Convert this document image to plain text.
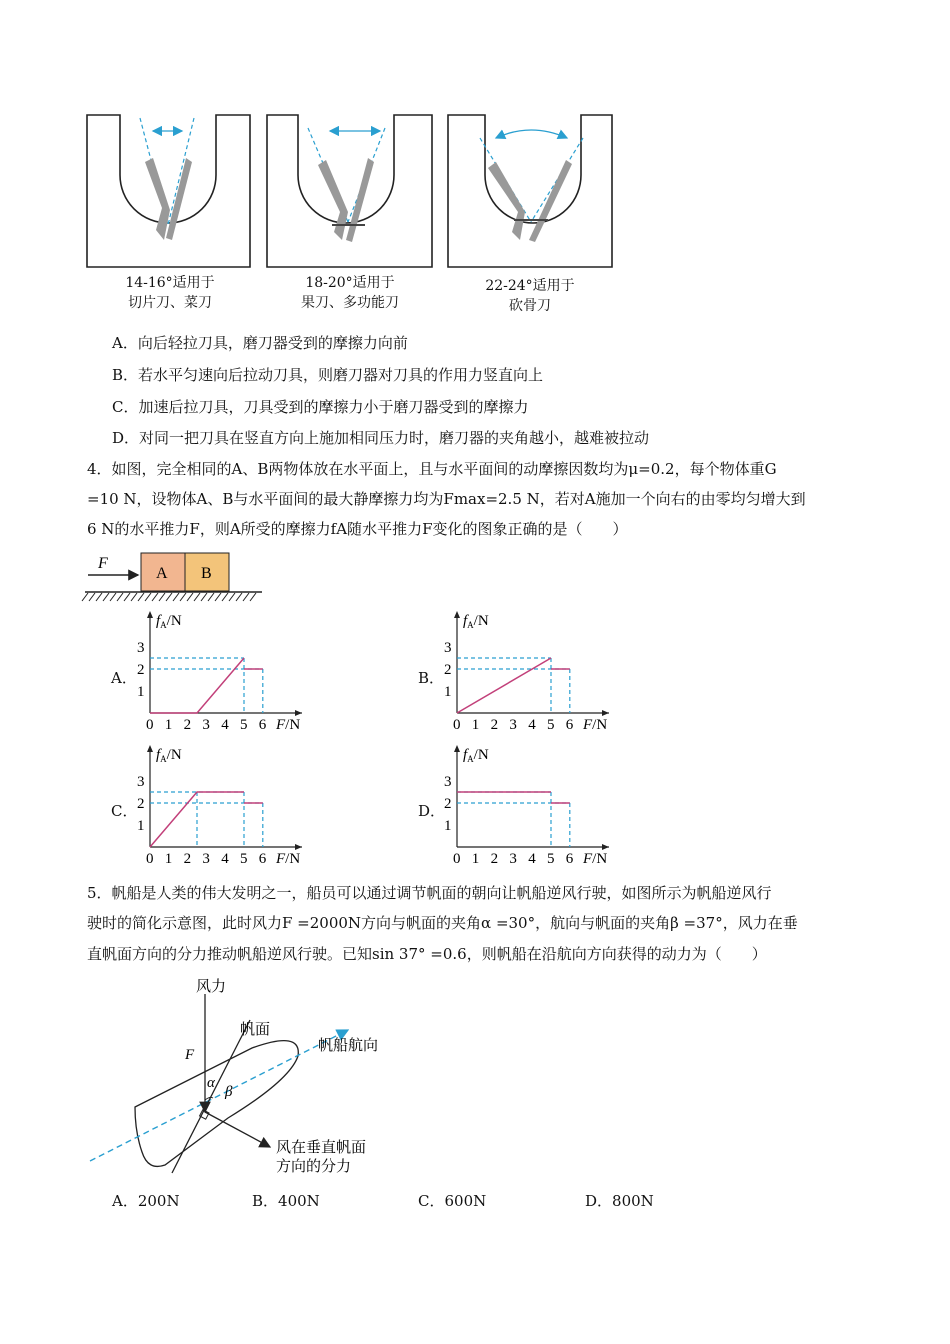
14-16°适用于
切片刀、菜刀
18-20°适用于
果刀、多功能刀
22-24°适用于
砍骨刀
A．向后轻拉刀具，磨刀器受到的摩擦力向前
B．若水平匀速向后拉动刀具，则磨刀器对刀具的作用力竖直向上
C．加速后拉刀具，刀具受到的摩擦力小于磨刀器受到的摩擦力
D．对同一把刀具在竖直方向上施加相同压力时，磨刀器的夹角越小，越难被拉动
4．如图，完全相同的A、B两物体放在水平面上，且与水平面间的动摩擦因数均为μ=0.2，每个物体重G
=10 N，设物体A、B与水平面间的最大静摩擦力均为Fmax=2.5 N，若对A施加一个向右的由零均匀增大到
6 N的水平推力F，则A所受的摩擦力fA随水平推力F变化的图象正确的是（　　）
F
A B
A．	B．
C．	D．
$f_A/N$
F/N
0 1 2 3 4 5 6
1
2
3
$f_A/N$
F/N
0 1 2 3 4 5 6
1
2
3
$f_A/N$
F/N
0 1 2 3 4 5 6
1
2
3
$f_A/N$
F/N
0 1 2 3 4 5 6
1
2
3
5．帆船是人类的伟大发明之一，船员可以通过调节帆面的朝向让帆船逆风行驶，如图所示为帆船逆风行
驶时的简化示意图，此时风力F =2000N方向与帆面的夹角α =30°，航向与帆面的夹角β =37°，风力在垂
直帆面方向的分力推动帆船逆风行驶。已知sin 37° =0.6，则帆船在沿航向方向获得的动力为（　　）
风力
帆面
帆船航向
F
α
β
风在垂直帆面
方向的分力
A．200N	B．400N	C．600N	D．800N
